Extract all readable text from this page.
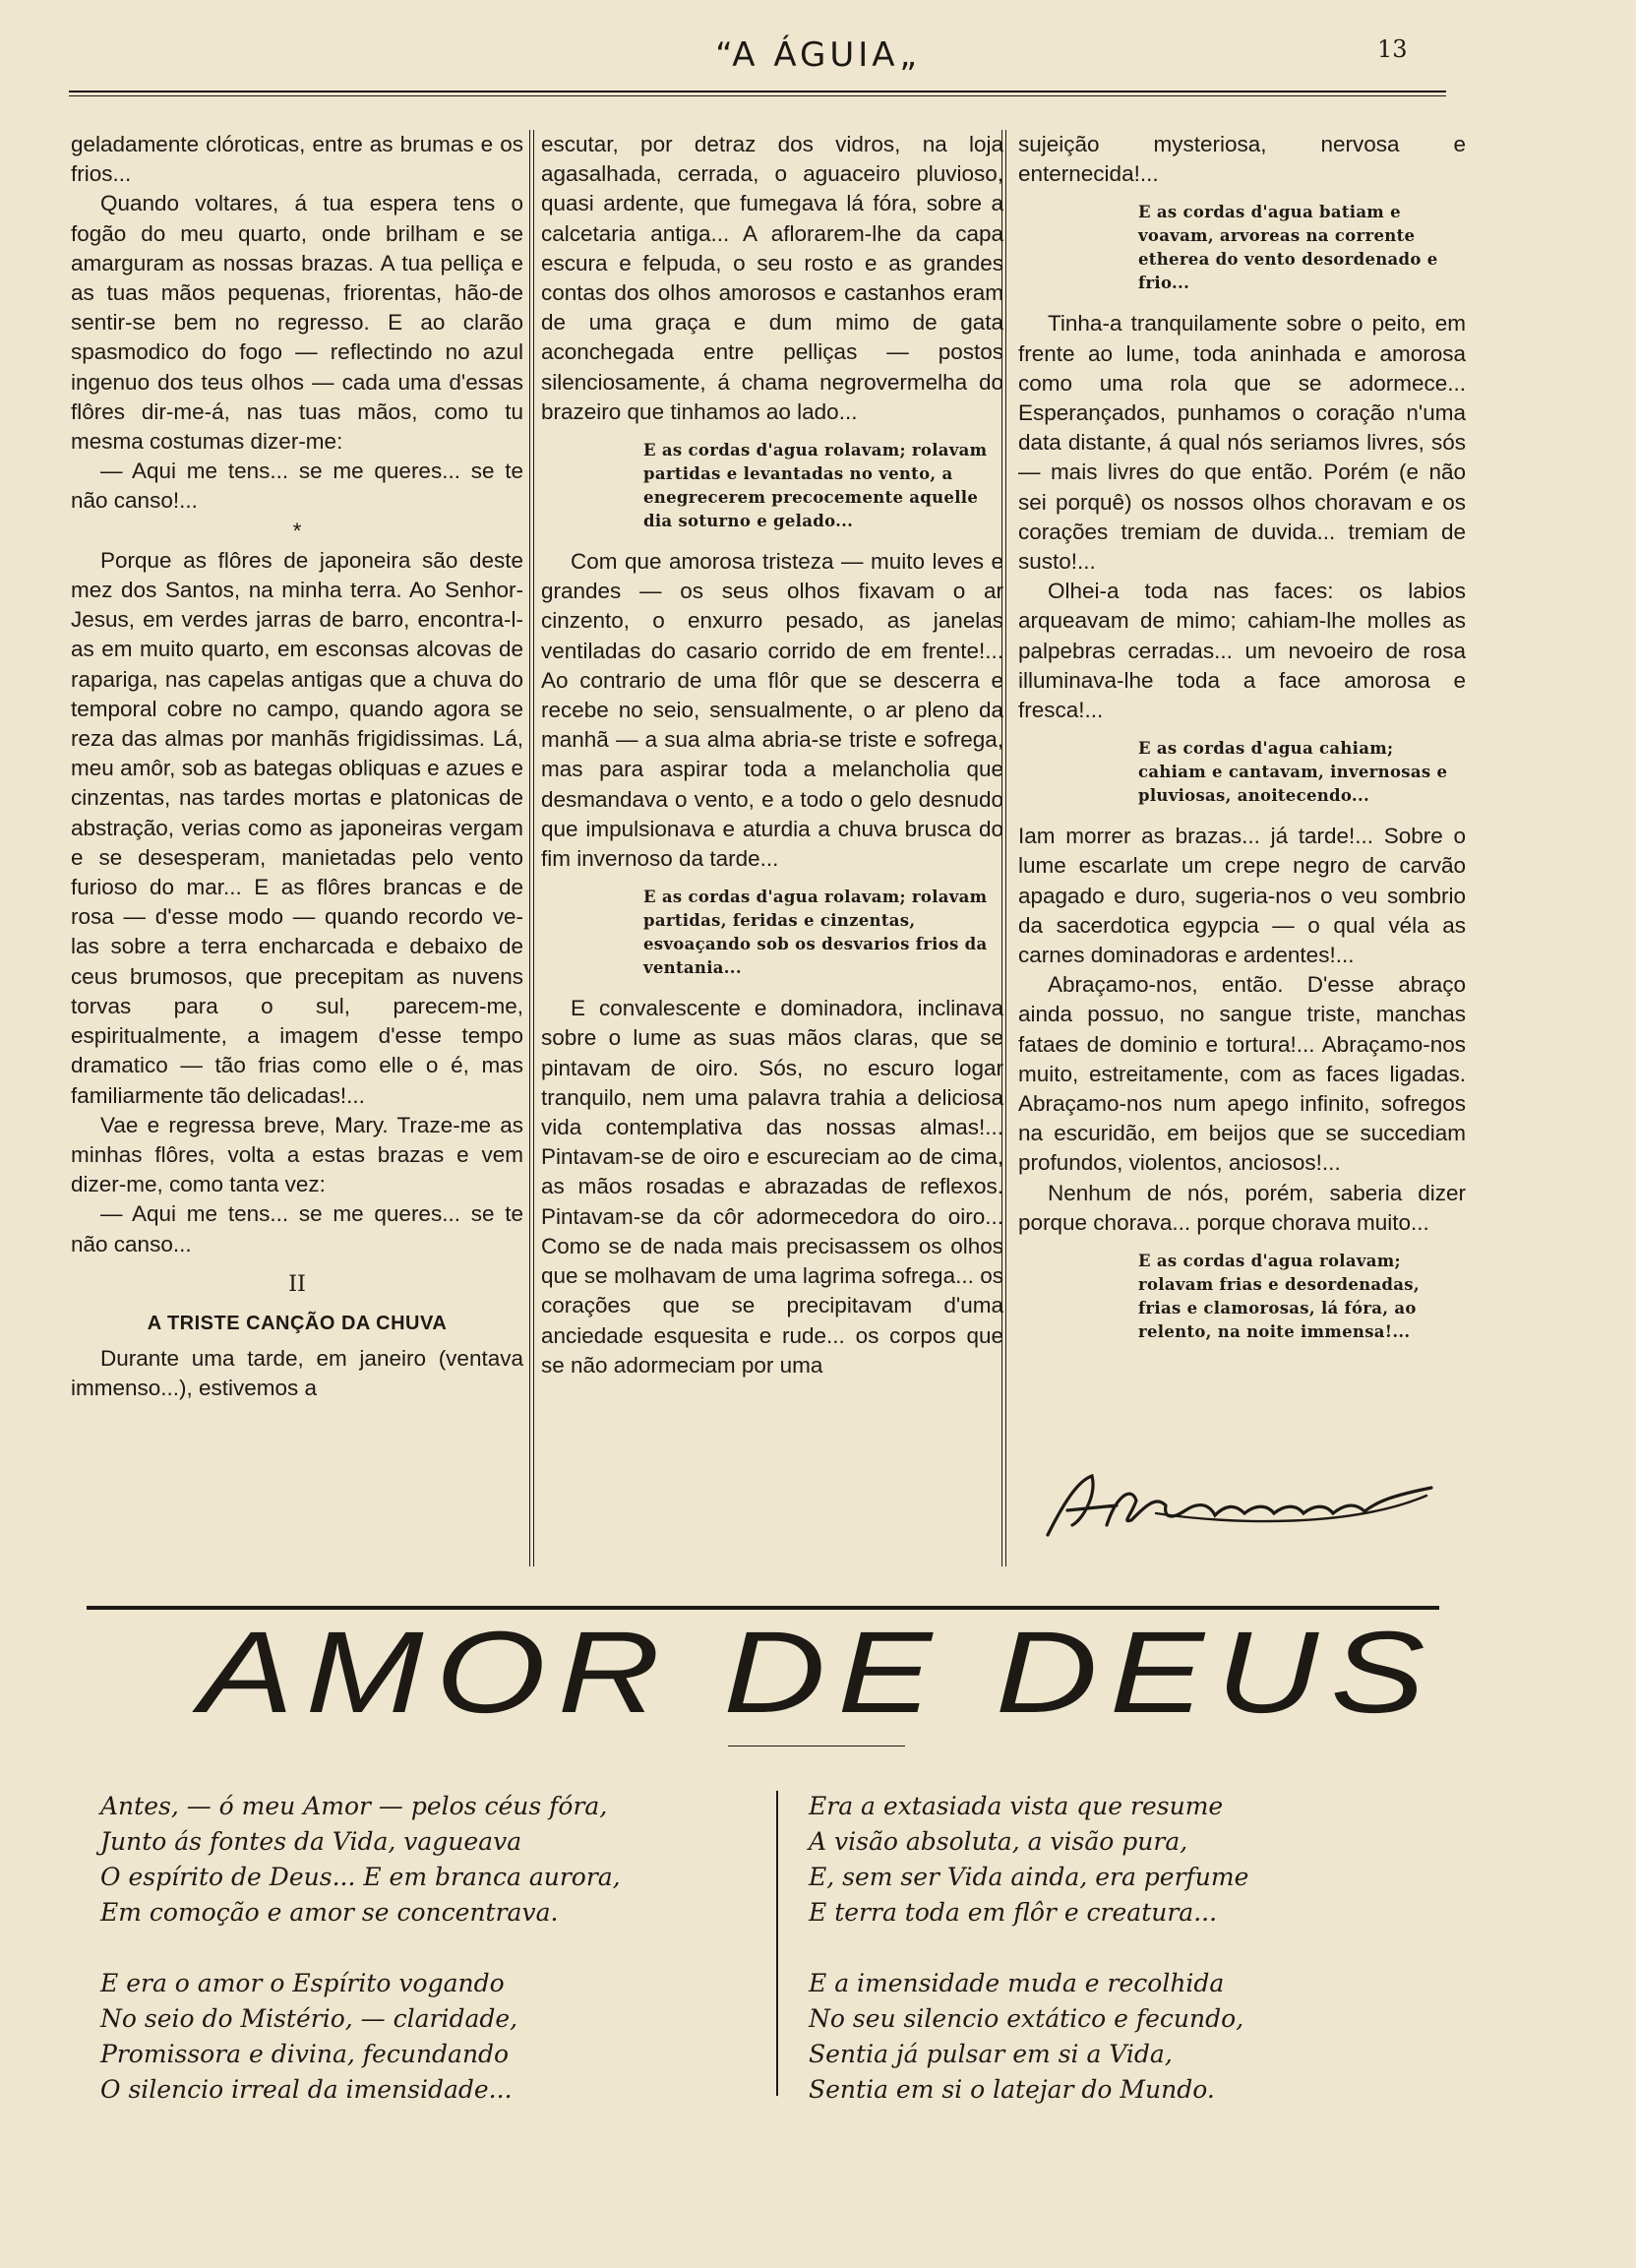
“A ÁGUIA„	13

geladamente clóroticas, entre as brumas e os frios...

Quando voltares, á tua espera tens o fogão do meu quarto, onde brilham e se amarguram as nossas brazas. A tua pelliça e as tuas mãos pequenas, friorentas, hão-de sentir-se bem no regresso. E ao clarão spasmodico do fogo — reflectindo no azul ingenuo dos teus olhos — cada uma d'essas flôres dir-me-á, nas tuas mãos, como tu mesma costumas dizer-me:

— Aqui me tens... se me queres... se te não canso!...

*

Porque as flôres de japoneira são deste mez dos Santos, na minha terra. Ao Senhor-Jesus, em verdes jarras de barro, encontra-l-as em muito quarto, em esconsas alcovas de rapariga, nas capelas antigas que a chuva do temporal cobre no campo, quando agora se reza das almas por manhãs frigidissimas. Lá, meu amôr, sob as bategas obliquas e azues e cinzentas, nas tardes mortas e platonicas de abstração, verias como as japoneiras vergam e se desesperam, manietadas pelo vento furioso do mar... E as flôres brancas e de rosa — d'esse modo — quando recordo ve-las sobre a terra encharcada e debaixo de ceus brumosos, que precepitam as nuvens torvas para o sul, parecem-me, espiritualmente, a imagem d'esse tempo dramatico — tão frias como elle o é, mas familiarmente tão delicadas!...

Vae e regressa breve, Mary. Traze-me as minhas flôres, volta a estas brazas e vem dizer-me, como tanta vez:

— Aqui me tens... se me queres... se te não canso...

II

A TRISTE CANÇÃO DA CHUVA

Durante uma tarde, em janeiro (ventava immenso...), estivemos a

escutar, por detraz dos vidros, na loja agasalhada, cerrada, o aguaceiro pluvioso, quasi ardente, que fumegava lá fóra, sobre a calcetaria antiga... A aflorarem-lhe da capa escura e felpuda, o seu rosto e as grandes contas dos olhos amorosos e castanhos eram de uma graça e dum mimo de gata aconchegada entre pelliças — postos silenciosamente, á chama negrovermelha do brazeiro que tinhamos ao lado...

E as cordas d'agua rolavam; rolavam partidas e levantadas no vento, a enegrecerem precocemente aquelle dia soturno e gelado...

Com que amorosa tristeza — muito leves e grandes — os seus olhos fixavam o ar cinzento, o enxurro pesado, as janelas ventiladas do casario corrido de em frente!... Ao contrario de uma flôr que se descerra e recebe no seio, sensualmente, o ar pleno da manhã — a sua alma abria-se triste e sofrega, mas para aspirar toda a melancholia que desmandava o vento, e a todo o gelo desnudo que impulsionava e aturdia a chuva brusca do fim invernoso da tarde...

E as cordas d'agua rolavam; rolavam partidas, feridas e cinzentas, esvoaçando sob os desvarios frios da ventania...

E convalescente e dominadora, inclinava sobre o lume as suas mãos claras, que se pintavam de oiro. Sós, no escuro logar tranquilo, nem uma palavra trahia a deliciosa vida contemplativa das nossas almas!... Pintavam-se de oiro e escureciam ao de cima, as mãos rosadas e abrazadas de reflexos. Pintavam-se da côr adormecedora do oiro... Como se de nada mais precisassem os olhos que se molhavam de uma lagrima sofrega... os corações que se precipitavam d'uma anciedade esquesita e rude... os corpos que se não adormeciam por uma

sujeição mysteriosa, nervosa e enternecida!...

E as cordas d'agua batiam e voavam, arvoreas na corrente etherea do vento desordenado e frio...

Tinha-a tranquilamente sobre o peito, em frente ao lume, toda aninhada e amorosa como uma rola que se adormece... Esperançados, punhamos o coração n'uma data distante, á qual nós seriamos livres, sós — mais livres do que então. Porém (e não sei porquê) os nossos olhos choravam e os corações tremiam de duvida... tremiam de susto!...

Olhei-a toda nas faces: os labios arqueavam de mimo; cahiam-lhe molles as palpebras cerradas... um nevoeiro de rosa illuminava-lhe toda a face amorosa e fresca!...

E as cordas d'agua cahiam; cahiam e cantavam, invernosas e pluviosas, anoitecendo...

Iam morrer as brazas... já tarde!... Sobre o lume escarlate um crepe negro de carvão apagado e duro, sugeria-nos o veu sombrio da sacerdotica egypcia — o qual véla as carnes dominadoras e ardentes!...

Abraçamo-nos, então. D'esse abraço ainda possuo, no sangue triste, manchas fataes de dominio e tortura!... Abraçamo-nos muito, estreitamente, com as faces ligadas. Abraçamo-nos num apego infinito, sofregos na escuridão, em beijos que se succediam profundos, violentos, anciosos!...

Nenhum de nós, porém, saberia dizer porque chorava... porque chorava muito...

E as cordas d'agua rolavam; rolavam frias e desordenadas, frias e clamorosas, lá fóra, ao relento, na noite immensa!...
AMOR DE DEUS
Antes, — ó meu Amor — pelos céus fóra,
Junto ás fontes da Vida, vagueava
O espírito de Deus... E em branca aurora,
Em comoção e amor se concentrava.
E era o amor o Espírito vogando
No seio do Mistério, — claridade,
Promissora e divina, fecundando
O silencio irreal da imensidade...
Era a extasiada vista que resume
A visão absoluta, a visão pura,
E, sem ser Vida ainda, era perfume
E terra toda em flôr e creatura...
E a imensidade muda e recolhida
No seu silencio extático e fecundo,
Sentia já pulsar em si a Vida,
Sentia em si o latejar do Mundo.
